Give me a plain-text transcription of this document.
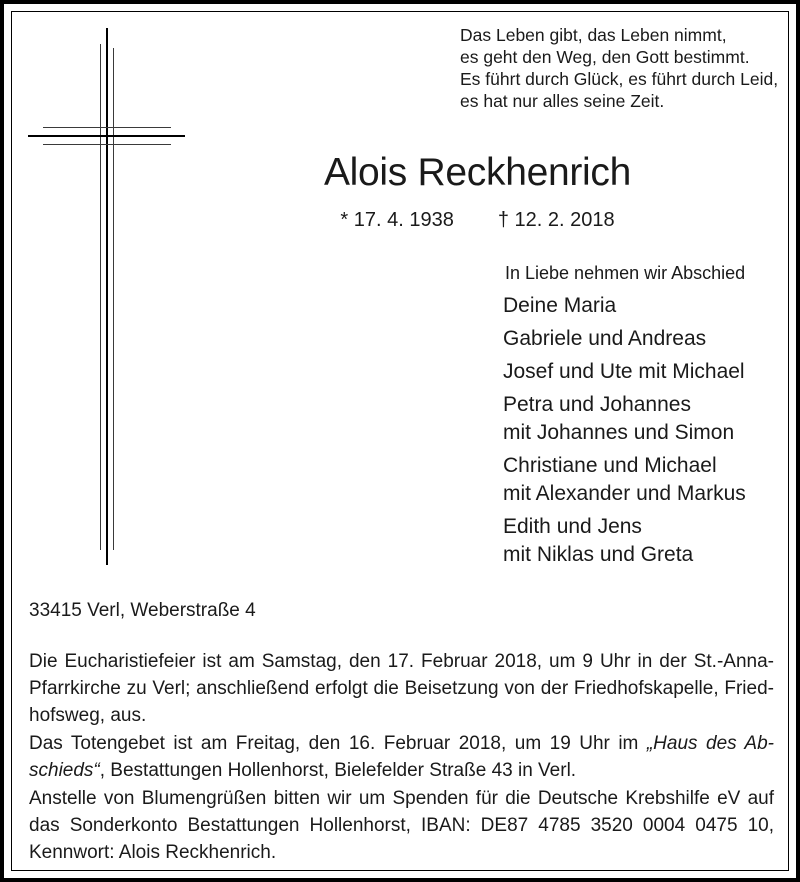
Das Leben gibt, das Leben nimmt,
es geht den Weg, den Gott bestimmt.
Es führt durch Glück, es führt durch Leid,
es hat nur alles seine Zeit.
Alois Reckhenrich
* 17. 4. 1938 † 12. 2. 2018
In Liebe nehmen wir Abschied
Deine Maria
Gabriele und Andreas
Josef und Ute mit Michael
Petra und Johannes
mit Johannes und Simon
Christiane und Michael
mit Alexander und Markus
Edith und Jens
mit Niklas und Greta
33415 Verl, Weberstraße 4
Die Eucharistiefeier ist am Samstag, den 17. Februar 2018, um 9 Uhr in der St.-Anna-
Pfarrkirche zu Verl; anschließend erfolgt die Beisetzung von der Friedhofskapelle, Fried-
hofsweg, aus.
Das Totengebet ist am Freitag, den 16. Februar 2018, um 19 Uhr im „Haus des Ab-
schieds“, Bestattungen Hollenhorst, Bielefelder Straße 43 in Verl.
Anstelle von Blumengrüßen bitten wir um Spenden für die Deutsche Krebshilfe eV auf
das Sonderkonto Bestattungen Hollenhorst, IBAN: DE87 4785 3520 0004 0475 10,
Kennwort: Alois Reckhenrich.
